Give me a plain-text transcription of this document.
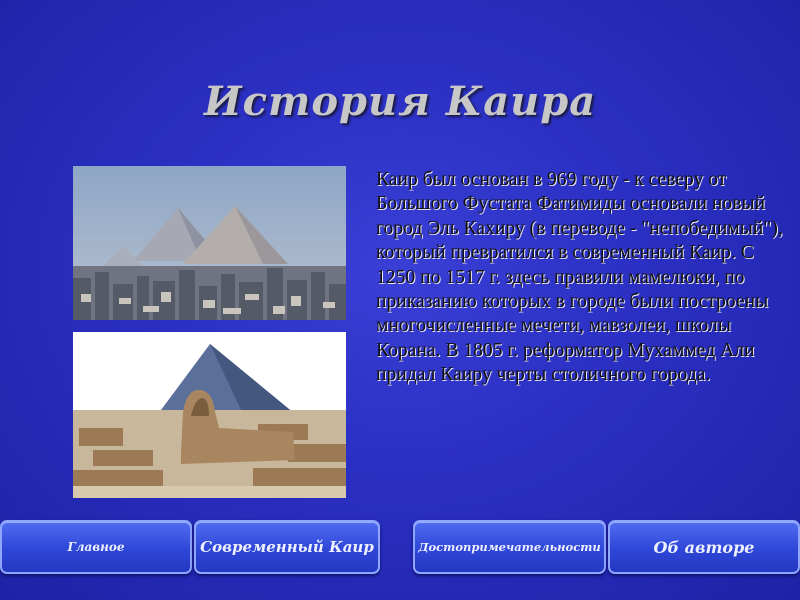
История Каира
Каир был основан в 969 году - к северу от Большого Фустата Фатимиды основали новый город Эль Кахиру (в переводе - "непобедимый"), который превратился в современный Каир. С 1250 по 1517 г. здесь правили мамелюки, по приказанию которых в городе были построены многочисленные мечети, мавзолеи, школы Корана. В 1805 г. реформатор Мухаммед Али придал Каиру черты столичного города.
Главное	Современный Каир	Достопримечательности	Об авторе
